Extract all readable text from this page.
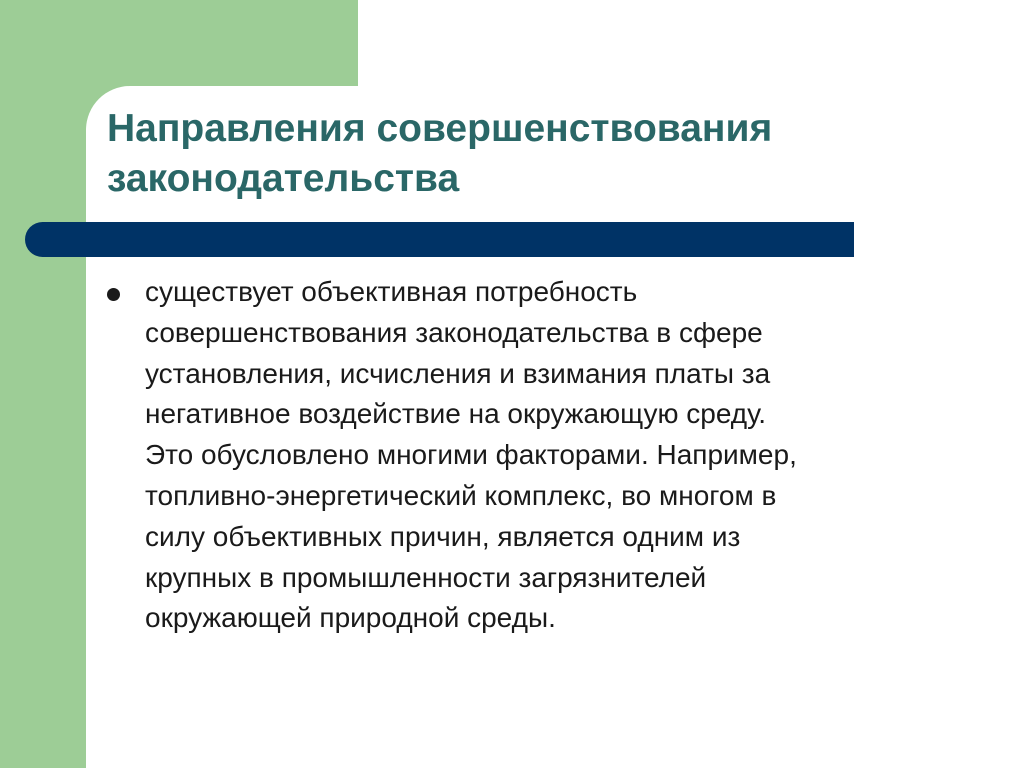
Направления совершенствования
законодательства
существует объективная потребность
совершенствования законодательства в сфере
установления, исчисления и взимания платы за
негативное воздействие на окружающую среду.
Это обусловлено многими факторами. Например,
топливно-энергетический комплекс, во многом в
силу объективных причин, является одним из
крупных в промышленности загрязнителей
окружающей природной среды.
